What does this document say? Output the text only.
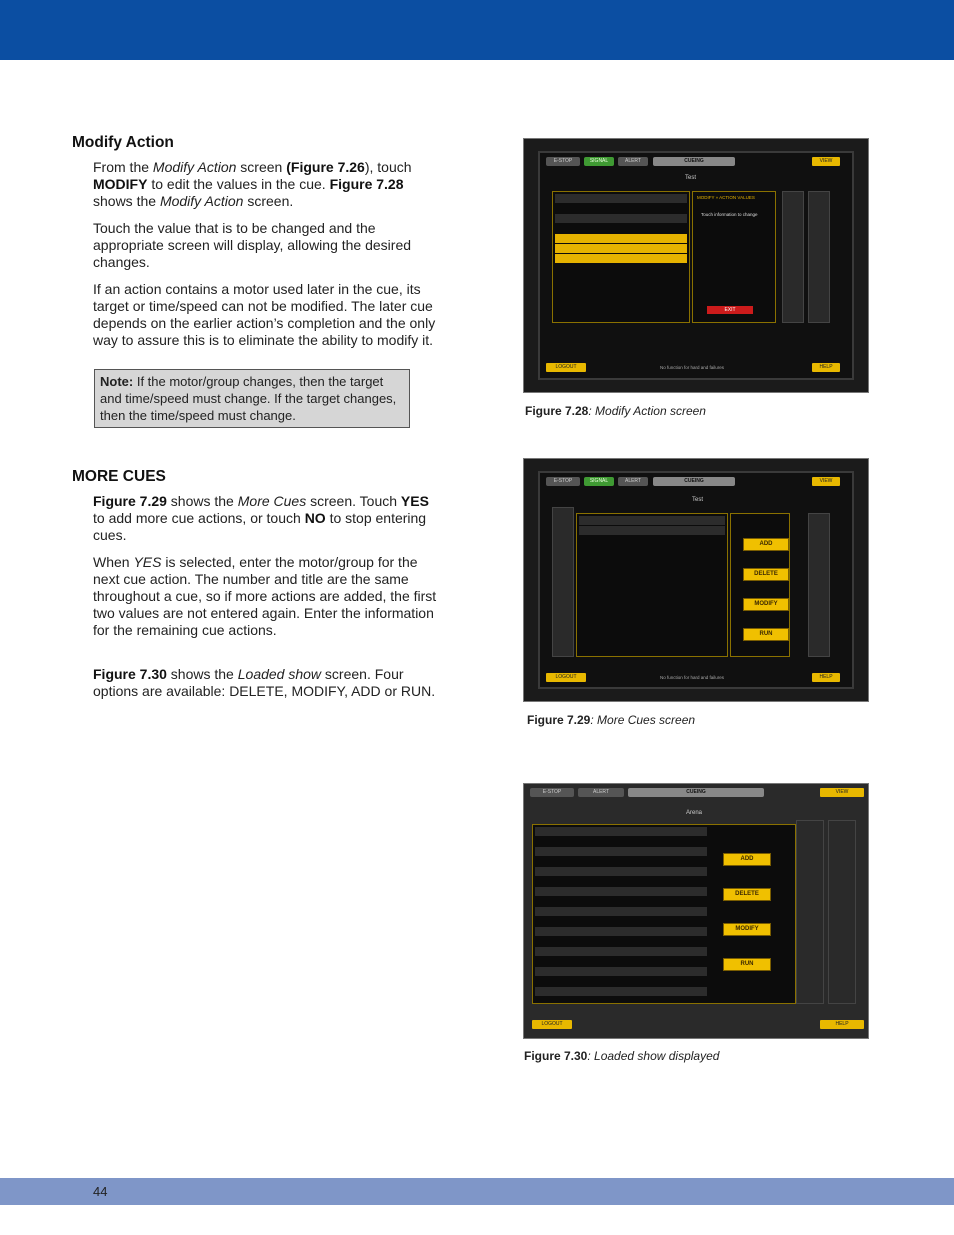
Modify Action

From the Modify Action screen (Figure 7.26), touch MODIFY to edit the values in the cue. Figure 7.28 shows the Modify Action screen.

Touch the value that is to be changed and the appropriate screen will display, allowing the desired changes.

If an action contains a motor used later in the cue, its target or time/speed can not be modified. The later cue depends on the earlier action’s completion and the only way to assure this is to eliminate the ability to modify it.

Note: If the motor/group changes, then the target and time/speed must change. If the target changes, then the time/speed must change.
MORE CUES

Figure 7.29 shows the More Cues screen. Touch YES to add more cue actions, or touch NO to stop entering cues.

When YES is selected, enter the motor/group for the next cue action. The number and title are the same throughout a cue, so if more actions are added, the first two values are not entered again. Enter the information for the remaining cue actions.

Figure 7.30 shows the Loaded show screen. Four options are available: DELETE, MODIFY, ADD or RUN.

E-STOP	SIGNAL	ALERT	CUEING	VIEW
Test
MODIFY » ACTION VALUES
Touch information to change
EXIT
LOGOUT	No function for hard and failures	HELP
Figure 7.28: Modify Action screen
E-STOP	SIGNAL	ALERT	CUEING	VIEW
Test
ADD
DELETE
MODIFY
RUN
LOGOUT	No function for hard and failures	HELP
Figure 7.29: More Cues screen
E-STOP	ALERT	CUEING	VIEW
Arena
ADD
DELETE
MODIFY
RUN
LOGOUT	HELP
Figure 7.30: Loaded show displayed
44
